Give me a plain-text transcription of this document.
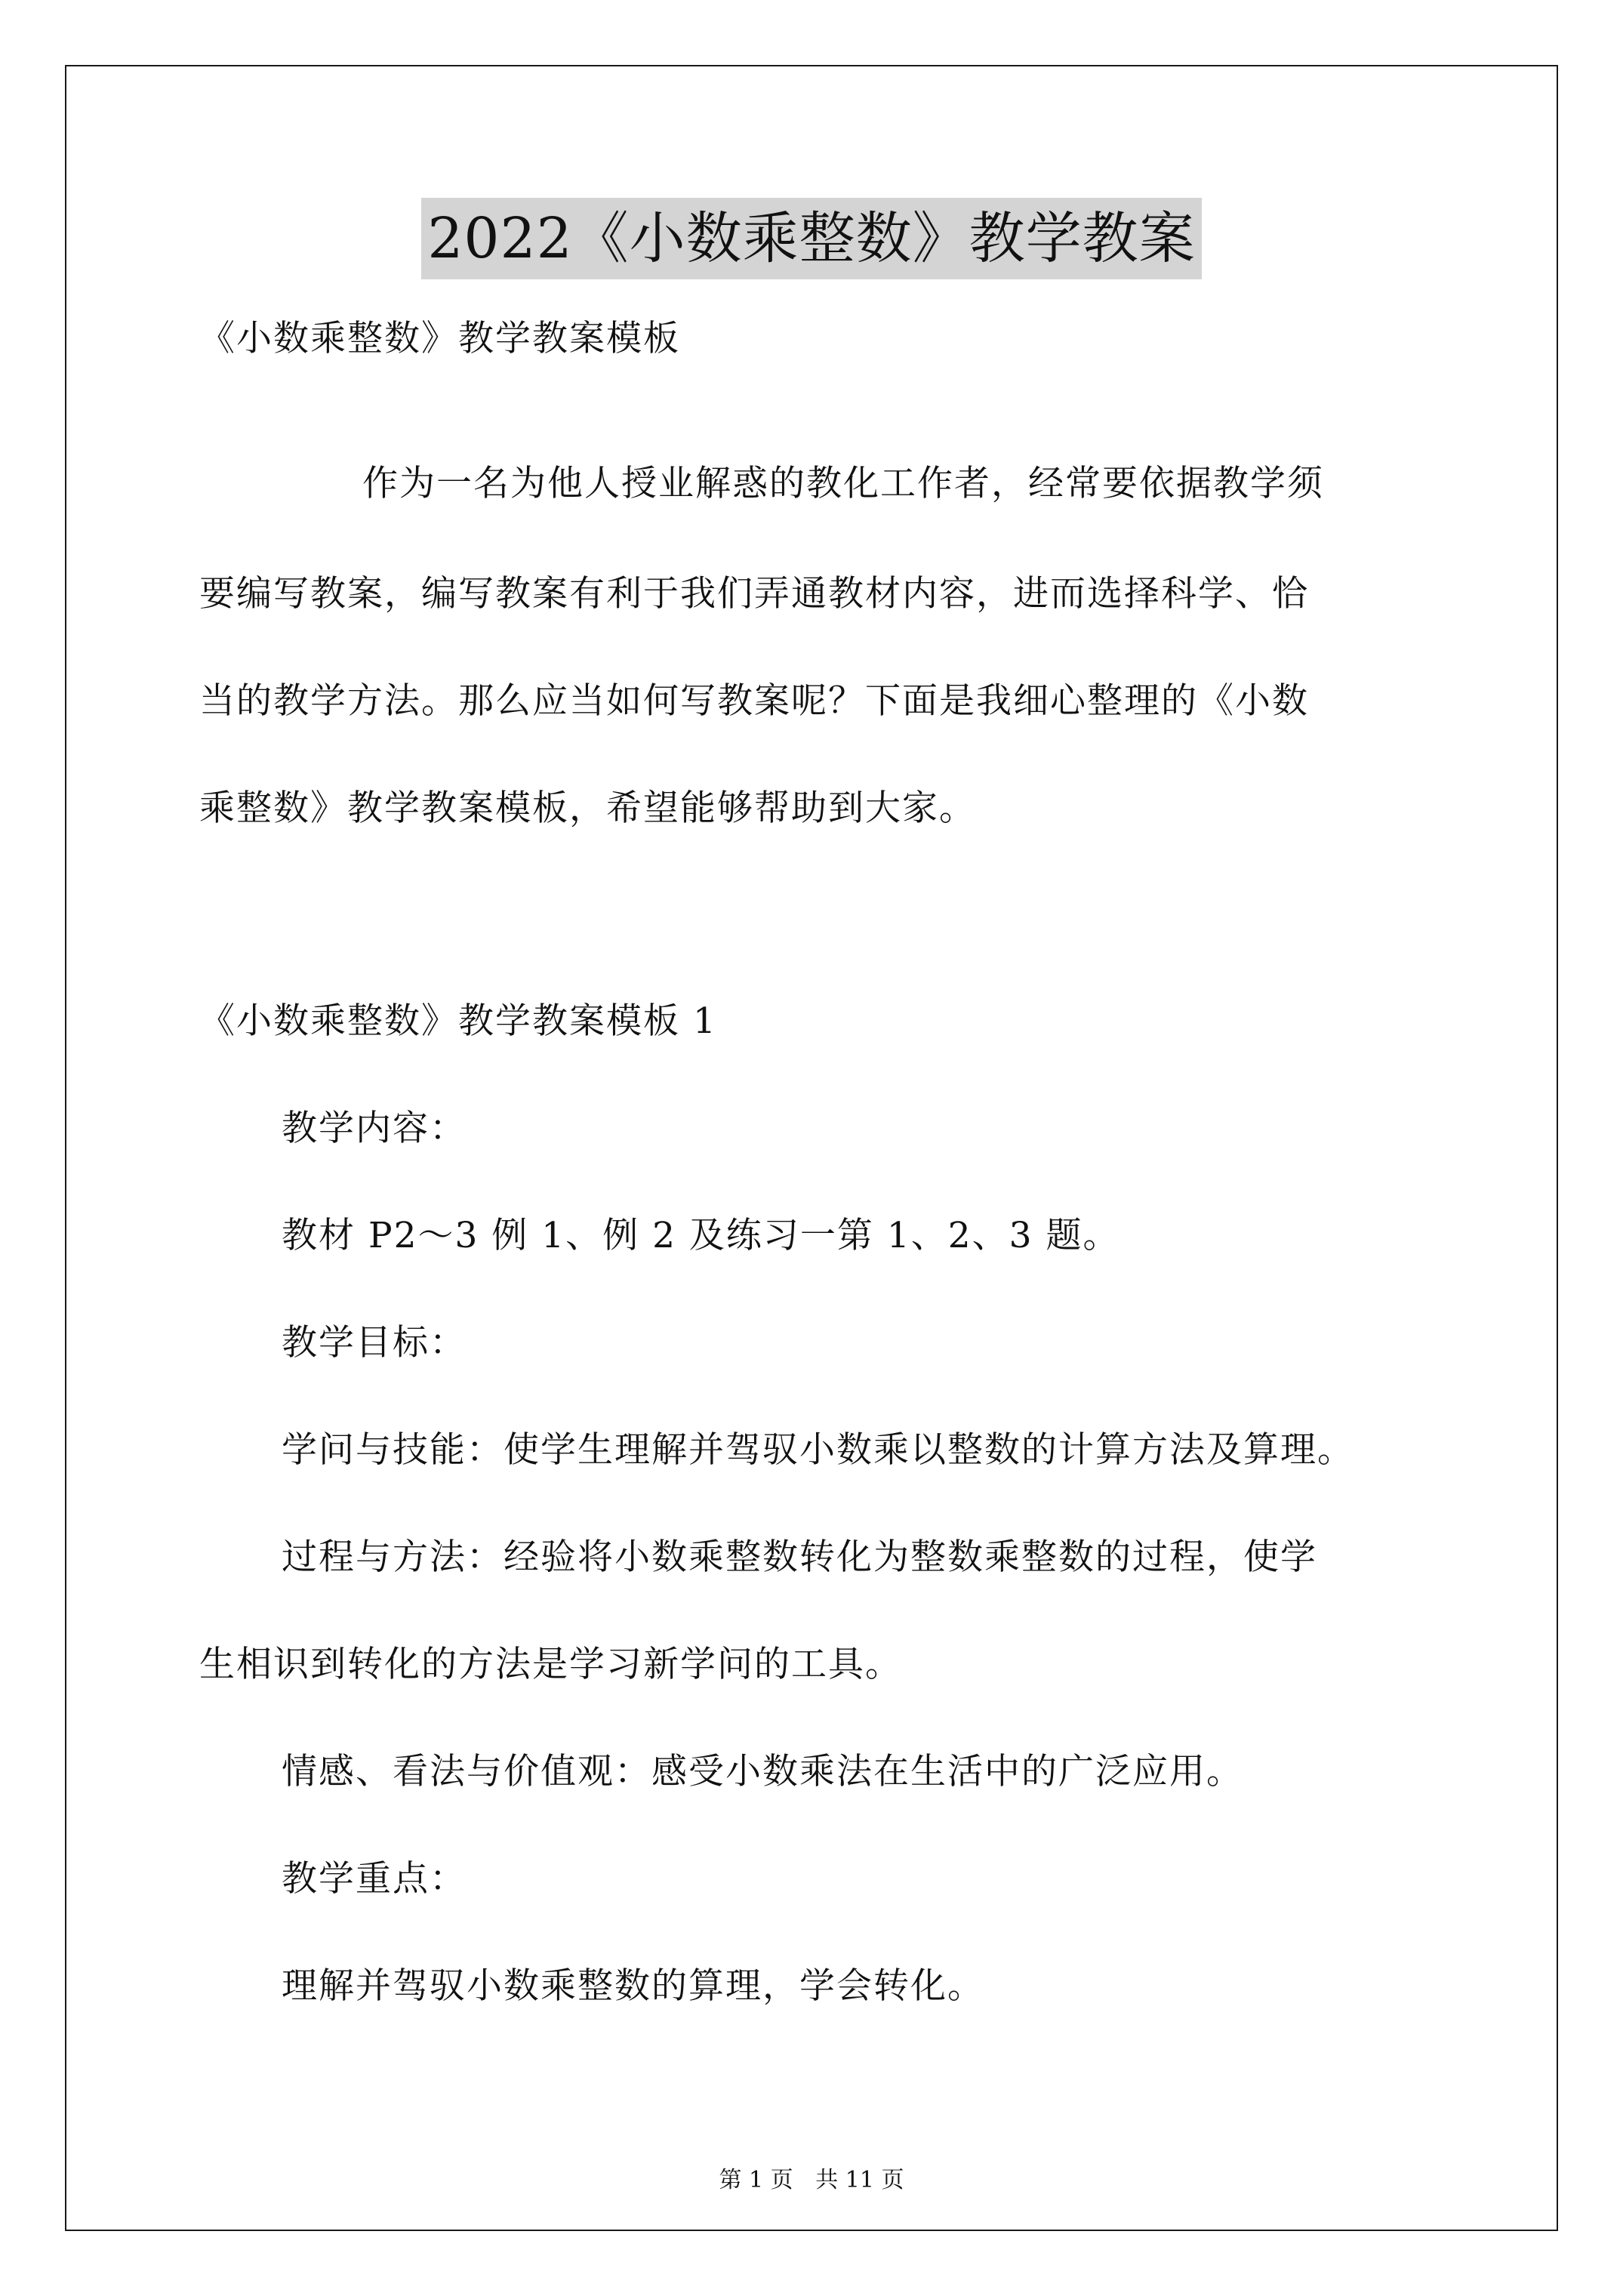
2022《小数乘整数》教学教案
《小数乘整数》教学教案模板
作为一名为他人授业解惑的教化工作者，经常要依据教学须
要编写教案，编写教案有利于我们弄通教材内容，进而选择科学、恰
当的教学方法。那么应当如何写教案呢？下面是我细心整理的《小数
乘整数》教学教案模板，希望能够帮助到大家。
《小数乘整数》教学教案模板 1
教学内容：
教材 P2～3 例 1、例 2 及练习一第 1、2、3 题。
教学目标：
学问与技能：使学生理解并驾驭小数乘以整数的计算方法及算理。
过程与方法：经验将小数乘整数转化为整数乘整数的过程，使学
生相识到转化的方法是学习新学问的工具。
情感、看法与价值观：感受小数乘法在生活中的广泛应用。
教学重点：
理解并驾驭小数乘整数的算理，学会转化。
第 1 页 共 11 页
